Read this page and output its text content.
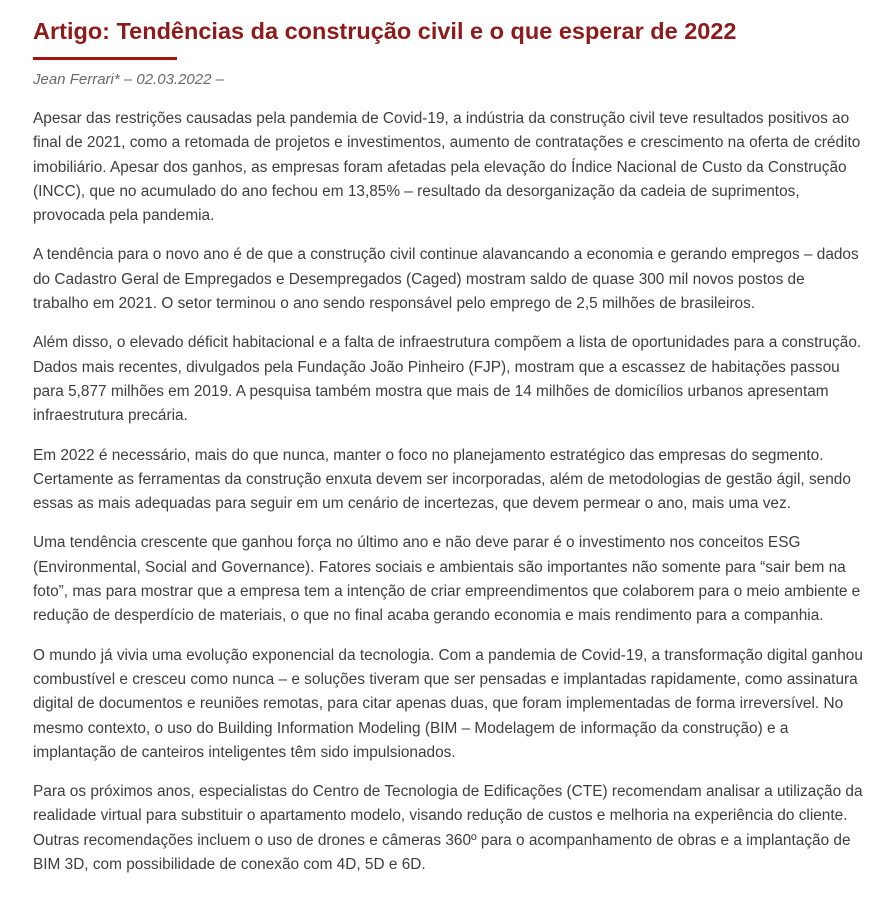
Artigo: Tendências da construção civil e o que esperar de 2022
Jean Ferrari* – 02.03.2022 –

Apesar das restrições causadas pela pandemia de Covid-19, a indústria da construção civil teve resultados positivos ao final de 2021, como a retomada de projetos e investimentos, aumento de contratações e crescimento na oferta de crédito imobiliário. Apesar dos ganhos, as empresas foram afetadas pela elevação do Índice Nacional de Custo da Construção (INCC), que no acumulado do ano fechou em 13,85% – resultado da desorganização da cadeia de suprimentos, provocada pela pandemia.

A tendência para o novo ano é de que a construção civil continue alavancando a economia e gerando empregos – dados do Cadastro Geral de Empregados e Desempregados (Caged) mostram saldo de quase 300 mil novos postos de trabalho em 2021. O setor terminou o ano sendo responsável pelo emprego de 2,5 milhões de brasileiros.

Além disso, o elevado déficit habitacional e a falta de infraestrutura compõem a lista de oportunidades para a construção. Dados mais recentes, divulgados pela Fundação João Pinheiro (FJP), mostram que a escassez de habitações passou para 5,877 milhões em 2019. A pesquisa também mostra que mais de 14 milhões de domicílios urbanos apresentam infraestrutura precária.

Em 2022 é necessário, mais do que nunca, manter o foco no planejamento estratégico das empresas do segmento. Certamente as ferramentas da construção enxuta devem ser incorporadas, além de metodologias de gestão ágil, sendo essas as mais adequadas para seguir em um cenário de incertezas, que devem permear o ano, mais uma vez.

Uma tendência crescente que ganhou força no último ano e não deve parar é o investimento nos conceitos ESG (Environmental, Social and Governance). Fatores sociais e ambientais são importantes não somente para “sair bem na foto”, mas para mostrar que a empresa tem a intenção de criar empreendimentos que colaborem para o meio ambiente e redução de desperdício de materiais, o que no final acaba gerando economia e mais rendimento para a companhia.

O mundo já vivia uma evolução exponencial da tecnologia. Com a pandemia de Covid-19, a transformação digital ganhou combustível e cresceu como nunca – e soluções tiveram que ser pensadas e implantadas rapidamente, como assinatura digital de documentos e reuniões remotas, para citar apenas duas, que foram implementadas de forma irreversível. No mesmo contexto, o uso do Building Information Modeling (BIM – Modelagem de informação da construção) e a implantação de canteiros inteligentes têm sido impulsionados.

Para os próximos anos, especialistas do Centro de Tecnologia de Edificações (CTE) recomendam analisar a utilização da realidade virtual para substituir o apartamento modelo, visando redução de custos e melhoria na experiência do cliente. Outras recomendações incluem o uso de drones e câmeras 360º para o acompanhamento de obras e a implantação de BIM 3D, com possibilidade de conexão com 4D, 5D e 6D.
